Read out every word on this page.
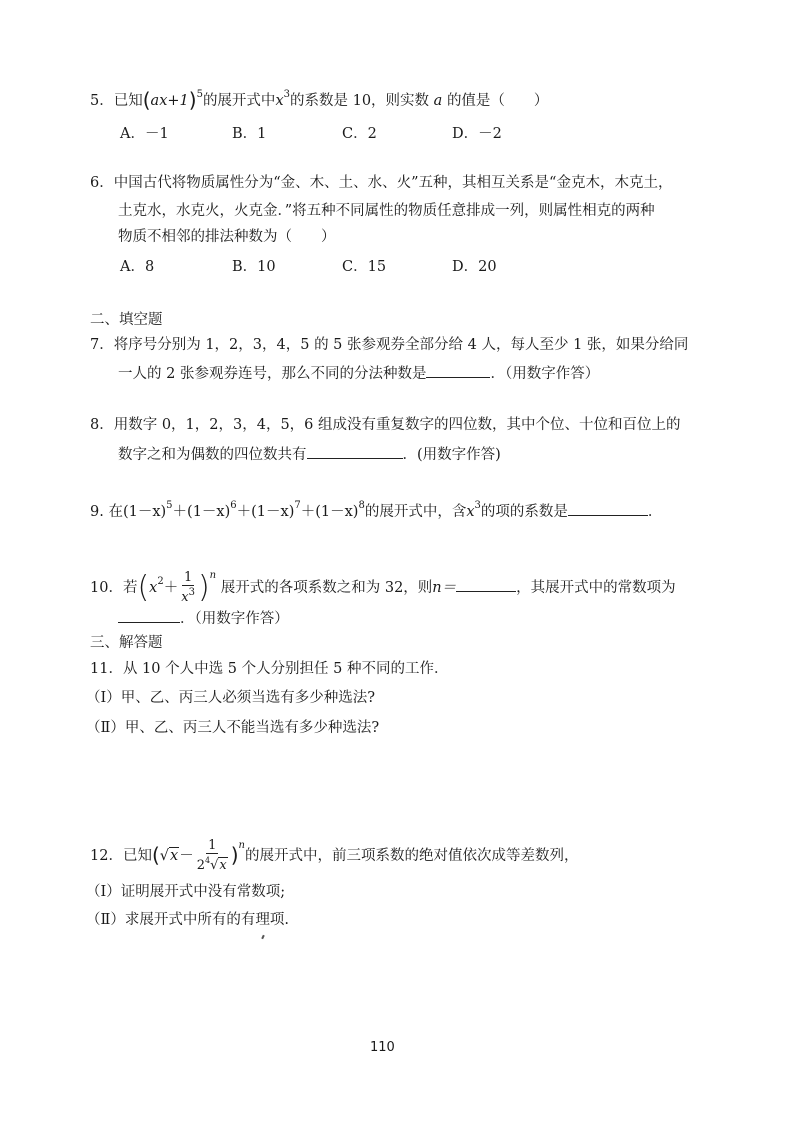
5．已知$(ax+1)^5$的展开式中$x^3$的系数是 10，则实数 a 的值是（　　）
A．－1	B．1	C．2	D．－2
6．中国古代将物质属性分为“金、木、土、水、火”五种，其相互关系是“金克木，木克土，
土克水，水克火，火克金．”将五种不同属性的物质任意排成一列，则属性相克的两种
物质不相邻的排法种数为（　　）
A．8	B．10	C．15	D．20
二、填空题
7．将序号分别为 1，2，3，4，5 的 5 张参观券全部分给 4 人，每人至少 1 张，如果分给同
一人的 2 张参观券连号，那么不同的分法种数是	．（用数字作答）
8．用数字 0，1，2，3，4，5，6 组成没有重复数字的四位数，其中个位、十位和百位上的
数字之和为偶数的四位数共有	．(用数字作答)
9. 在$(1-x)^5+(1-x)^6+(1-x)^7+(1-x)^8$的展开式中，含$x^3$的项的系数是	．
10．若$(x^2+ \frac{1}{x^3} )^n$ 展开式的各项系数之和为 32，则n＝	，其展开式中的常数项为
．（用数字作答）
三、解答题
11．从 10 个人中选 5 个人分别担任 5 种不同的工作．
（Ⅰ）甲、乙、丙三人必须当选有多少种选法?
（Ⅱ）甲、乙、丙三人不能当选有多少种选法?
12．已知$(√x- \frac{1}{2^4√x} )^n$的展开式中，前三项系数的绝对值依次成等差数列，
（Ⅰ）证明展开式中没有常数项;
（Ⅱ）求展开式中所有的有理项.
110
